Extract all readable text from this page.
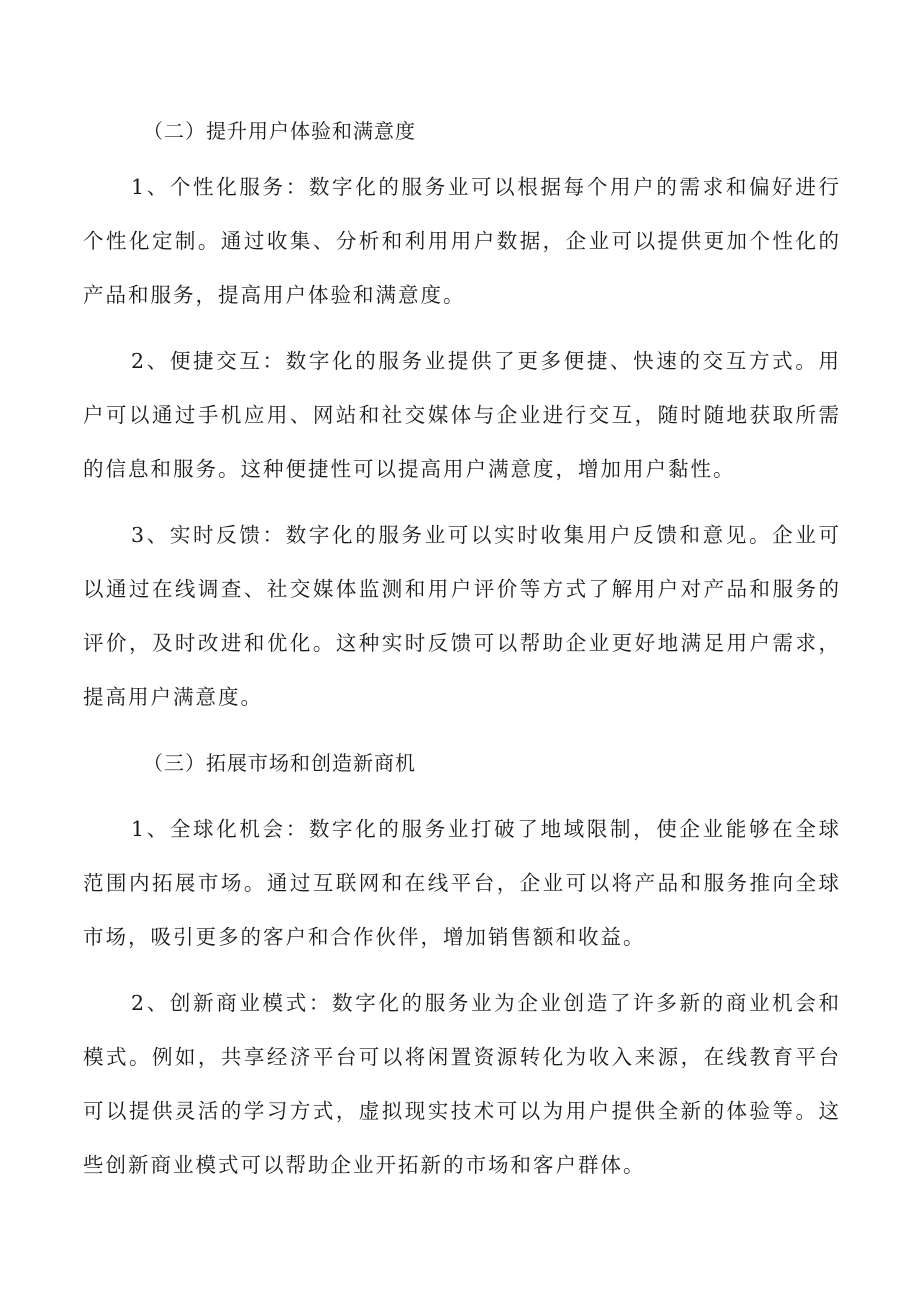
（二）提升用户体验和满意度

1、个性化服务：数字化的服务业可以根据每个用户的需求和偏好进行个性化定制。通过收集、分析和利用用户数据，企业可以提供更加个性化的产品和服务，提高用户体验和满意度。

2、便捷交互：数字化的服务业提供了更多便捷、快速的交互方式。用户可以通过手机应用、网站和社交媒体与企业进行交互，随时随地获取所需的信息和服务。这种便捷性可以提高用户满意度，增加用户黏性。

3、实时反馈：数字化的服务业可以实时收集用户反馈和意见。企业可以通过在线调查、社交媒体监测和用户评价等方式了解用户对产品和服务的评价，及时改进和优化。这种实时反馈可以帮助企业更好地满足用户需求，提高用户满意度。

（三）拓展市场和创造新商机

1、全球化机会：数字化的服务业打破了地域限制，使企业能够在全球范围内拓展市场。通过互联网和在线平台，企业可以将产品和服务推向全球市场，吸引更多的客户和合作伙伴，增加销售额和收益。

2、创新商业模式：数字化的服务业为企业创造了许多新的商业机会和模式。例如，共享经济平台可以将闲置资源转化为收入来源，在线教育平台可以提供灵活的学习方式，虚拟现实技术可以为用户提供全新的体验等。这些创新商业模式可以帮助企业开拓新的市场和客户群体。
